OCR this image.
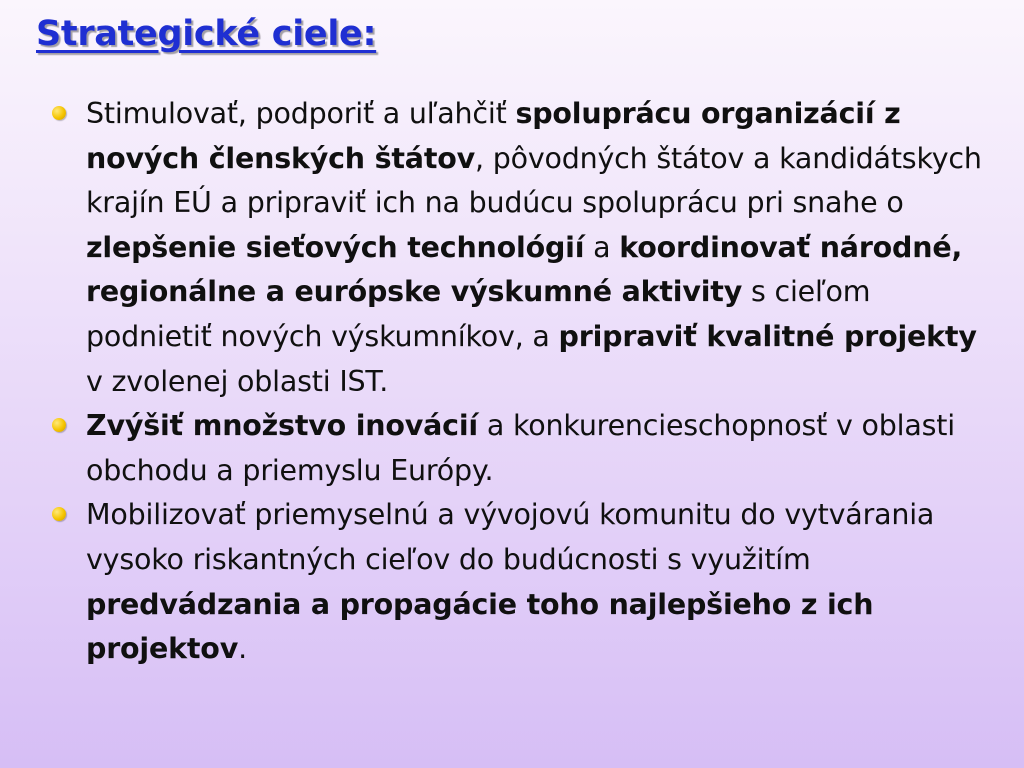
Strategické ciele:
Stimulovať, podporiť a uľahčiť spoluprácu organizácií z nových členských štátov, pôvodných štátov a kandidátskych krajín EÚ a pripraviť ich na budúcu spoluprácu pri snahe o zlepšenie sieťových technológií a koordinovať národné, regionálne a európske výskumné aktivity s cieľom podnietiť nových výskumníkov, a pripraviť kvalitné projekty v zvolenej oblasti IST.
Zvýšiť množstvo inovácií a konkurencieschopnosť v oblasti obchodu a priemyslu Európy.
Mobilizovať priemyselnú a vývojovú komunitu do vytvárania vysoko riskantných cieľov do budúcnosti s využitím predvádzania a propagácie toho najlepšieho z ich projektov.
